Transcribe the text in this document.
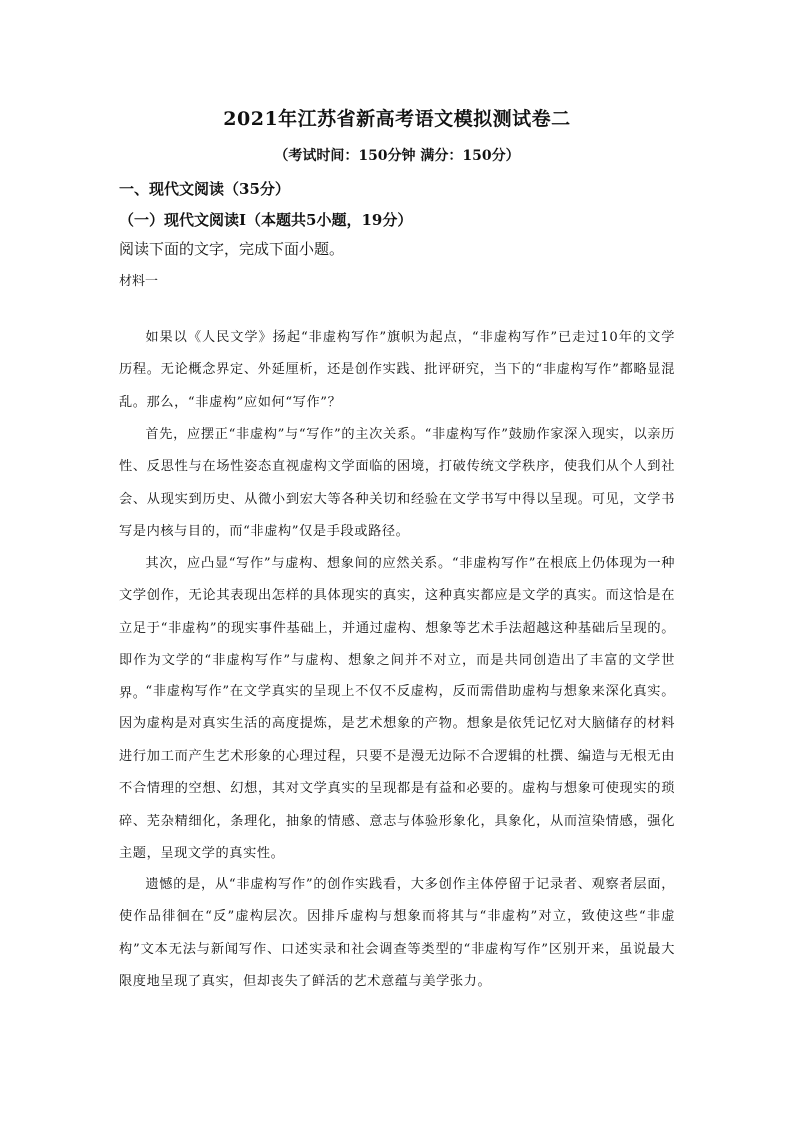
2021年江苏省新高考语文模拟测试卷二
（考试时间：150分钟 满分：150分）
一、现代文阅读（35分）
（一）现代文阅读Ⅰ（本题共5小题，19分）
阅读下面的文字，完成下面小题。
材料一
如果以《人民文学》扬起“非虚构写作”旗帜为起点，“非虚构写作”已走过10年的文学历程。无论概念界定、外延厘析，还是创作实践、批评研究，当下的“非虚构写作”都略显混乱。那么，“非虚构”应如何“写作”？
首先，应摆正“非虚构”与“写作”的主次关系。“非虚构写作”鼓励作家深入现实，以亲历性、反思性与在场性姿态直视虚构文学面临的困境，打破传统文学秩序，使我们从个人到社会、从现实到历史、从微小到宏大等各种关切和经验在文学书写中得以呈现。可见，文学书写是内核与目的，而“非虚构”仅是手段或路径。
其次，应凸显“写作”与虚构、想象间的应然关系。“非虚构写作”在根底上仍体现为一种文学创作，无论其表现出怎样的具体现实的真实，这种真实都应是文学的真实。而这恰是在立足于“非虚构”的现实事件基础上，并通过虚构、想象等艺术手法超越这种基础后呈现的。即作为文学的“非虚构写作”与虚构、想象之间并不对立，而是共同创造出了丰富的文学世界。
“非虚构写作”在文学真实的呈现上不仅不反虚构，反而需借助虚构与想象来深化真实。因为虚构是对真实生活的高度提炼，是艺术想象的产物。想象是依凭记忆对大脑储存的材料进行加工而产生艺术形象的心理过程，只要不是漫无边际不合逻辑的杜撰、编造与无根无由不合情理的空想、幻想，其对文学真实的呈现都是有益和必要的。虚构与想象可使现实的琐碎、芜杂精细化，条理化，抽象的情感、意志与体验形象化，具象化，从而渲染情感，强化主题，呈现文学的真实性。
遗憾的是，从“非虚构写作”的创作实践看，大多创作主体停留于记录者、观察者层面，使作品徘徊在“反”虚构层次。因排斥虚构与想象而将其与“非虚构”对立，致使这些“非虚构”文本无法与新闻写作、口述实录和社会调查等类型的“非虚构写作”区别开来，虽说最大限度地呈现了真实，但却丧失了鲜活的艺术意蕴与美学张力。
